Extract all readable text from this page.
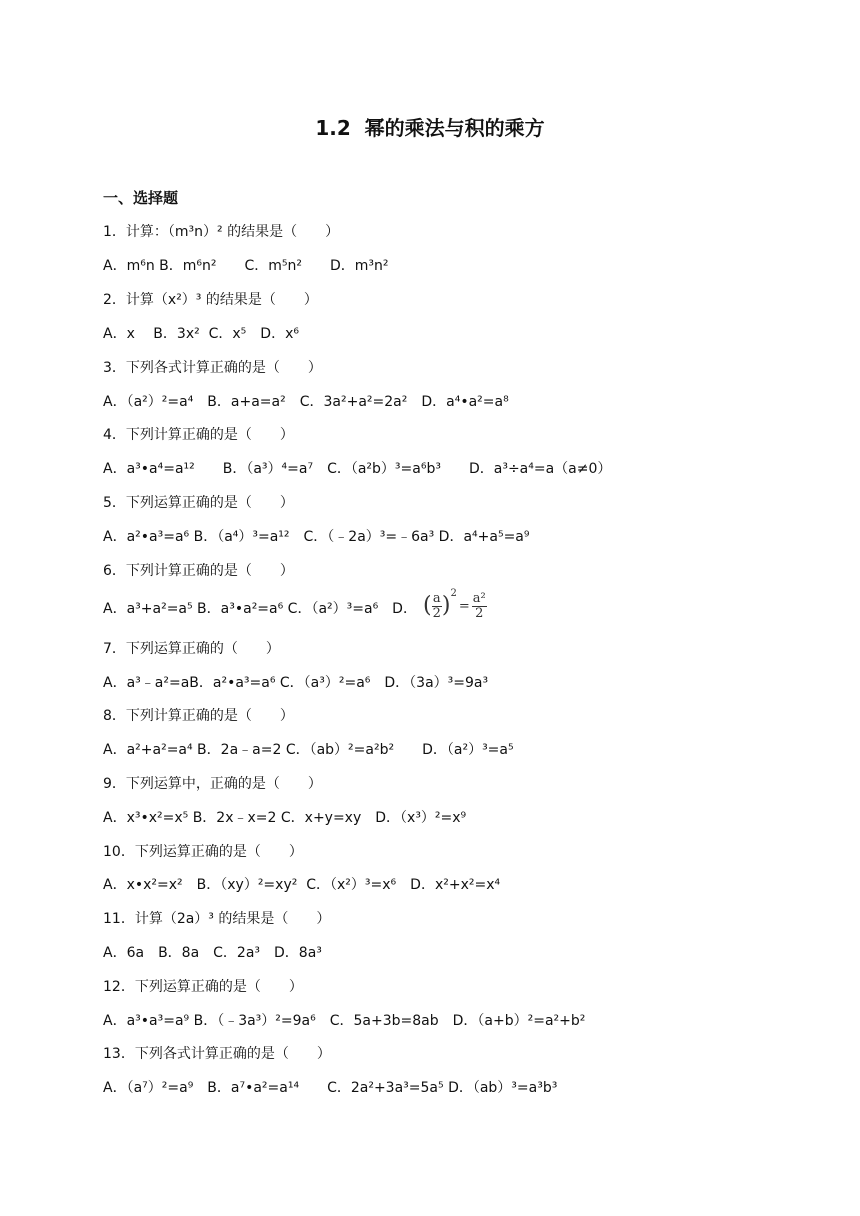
1.2  幂的乘法与积的乘方
一、选择题
1．计算：（m³n）² 的结果是（　　）
A．m⁶n B．m⁶n²　　C．m⁵n²　　D．m³n²
2．计算（x²）³ 的结果是（　　）
A．x　 B．3x²  C．x⁵　D．x⁶
3．下列各式计算正确的是（　　）
A．（a²）²=a⁴　B．a+a=a²　C．3a²+a²=2a²　D．a⁴•a²=a⁸
4．下列计算正确的是（　　）
A．a³•a⁴=a¹²　　B．（a³）⁴=a⁷　C．（a²b）³=a⁶b³　　D．a³÷a⁴=a（a≠0）
5．下列运算正确的是（　　）
A．a²•a³=a⁶ B．（a⁴）³=a¹²　C．（﹣2a）³=﹣6a³ D．a⁴+a⁵=a⁹
6．下列计算正确的是（　　）
A．a³+a²=a⁵ B．a³•a²=a⁶ C．（a²）³=a⁶　D． ( $\frac{a}{2}$ ) 2
= $\frac{\text{a²}}{2}$
7．下列运算正确的（　　）
A．a³﹣a²=aB．a²•a³=a⁶ C．（a³）²=a⁶　D．（3a）³=9a³
8．下列计算正确的是（　　）
A．a²+a²=a⁴ B．2a﹣a=2 C．（ab）²=a²b²　　D．（a²）³=a⁵
9．下列运算中，正确的是（　　）
A．x³•x²=x⁵ B．2x﹣x=2 C．x+y=xy　D．（x³）²=x⁹
10．下列运算正确的是（　　）
A．x•x²=x²　B．（xy）²=xy²  C．（x²）³=x⁶　D．x²+x²=x⁴
11．计算（2a）³ 的结果是（　　）
A．6a　B．8a　C．2a³　D．8a³
12．下列运算正确的是（　　）
A．a³•a³=a⁹ B．（﹣3a³）²=9a⁶　C．5a+3b=8ab　D．（a+b）²=a²+b²
13．下列各式计算正确的是（　　）
A．（a⁷）²=a⁹　B．a⁷•a²=a¹⁴　　C．2a²+3a³=5a⁵ D．（ab）³=a³b³
